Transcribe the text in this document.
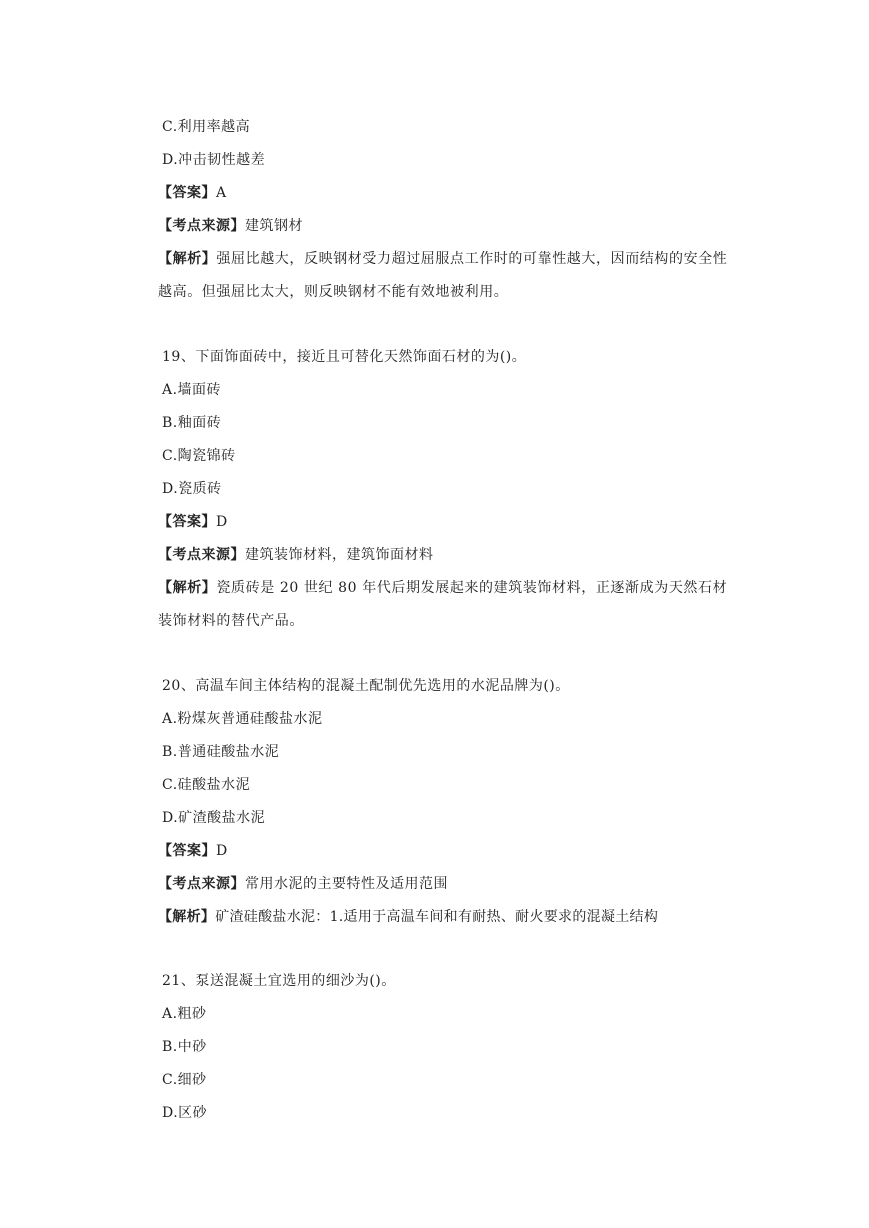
C.利用率越高
D.冲击韧性越差
【答案】A
【考点来源】建筑钢材
【解析】强屈比越大，反映钢材受力超过屈服点工作时的可靠性越大，因而结构的安全性越高。但强屈比太大，则反映钢材不能有效地被利用。
19、下面饰面砖中，接近且可替化天然饰面石材的为()。
A.墙面砖
B.釉面砖
C.陶瓷锦砖
D.瓷质砖
【答案】D
【考点来源】建筑装饰材料，建筑饰面材料
【解析】瓷质砖是 20 世纪 80 年代后期发展起来的建筑装饰材料，正逐渐成为天然石材装饰材料的替代产品。
20、高温车间主体结构的混凝土配制优先选用的水泥品牌为()。
A.粉煤灰普通硅酸盐水泥
B.普通硅酸盐水泥
C.硅酸盐水泥
D.矿渣酸盐水泥
【答案】D
【考点来源】常用水泥的主要特性及适用范围
【解析】矿渣硅酸盐水泥：1.适用于高温车间和有耐热、耐火要求的混凝土结构
21、泵送混凝土宜选用的细沙为()。
A.粗砂
B.中砂
C.细砂
D.区砂
